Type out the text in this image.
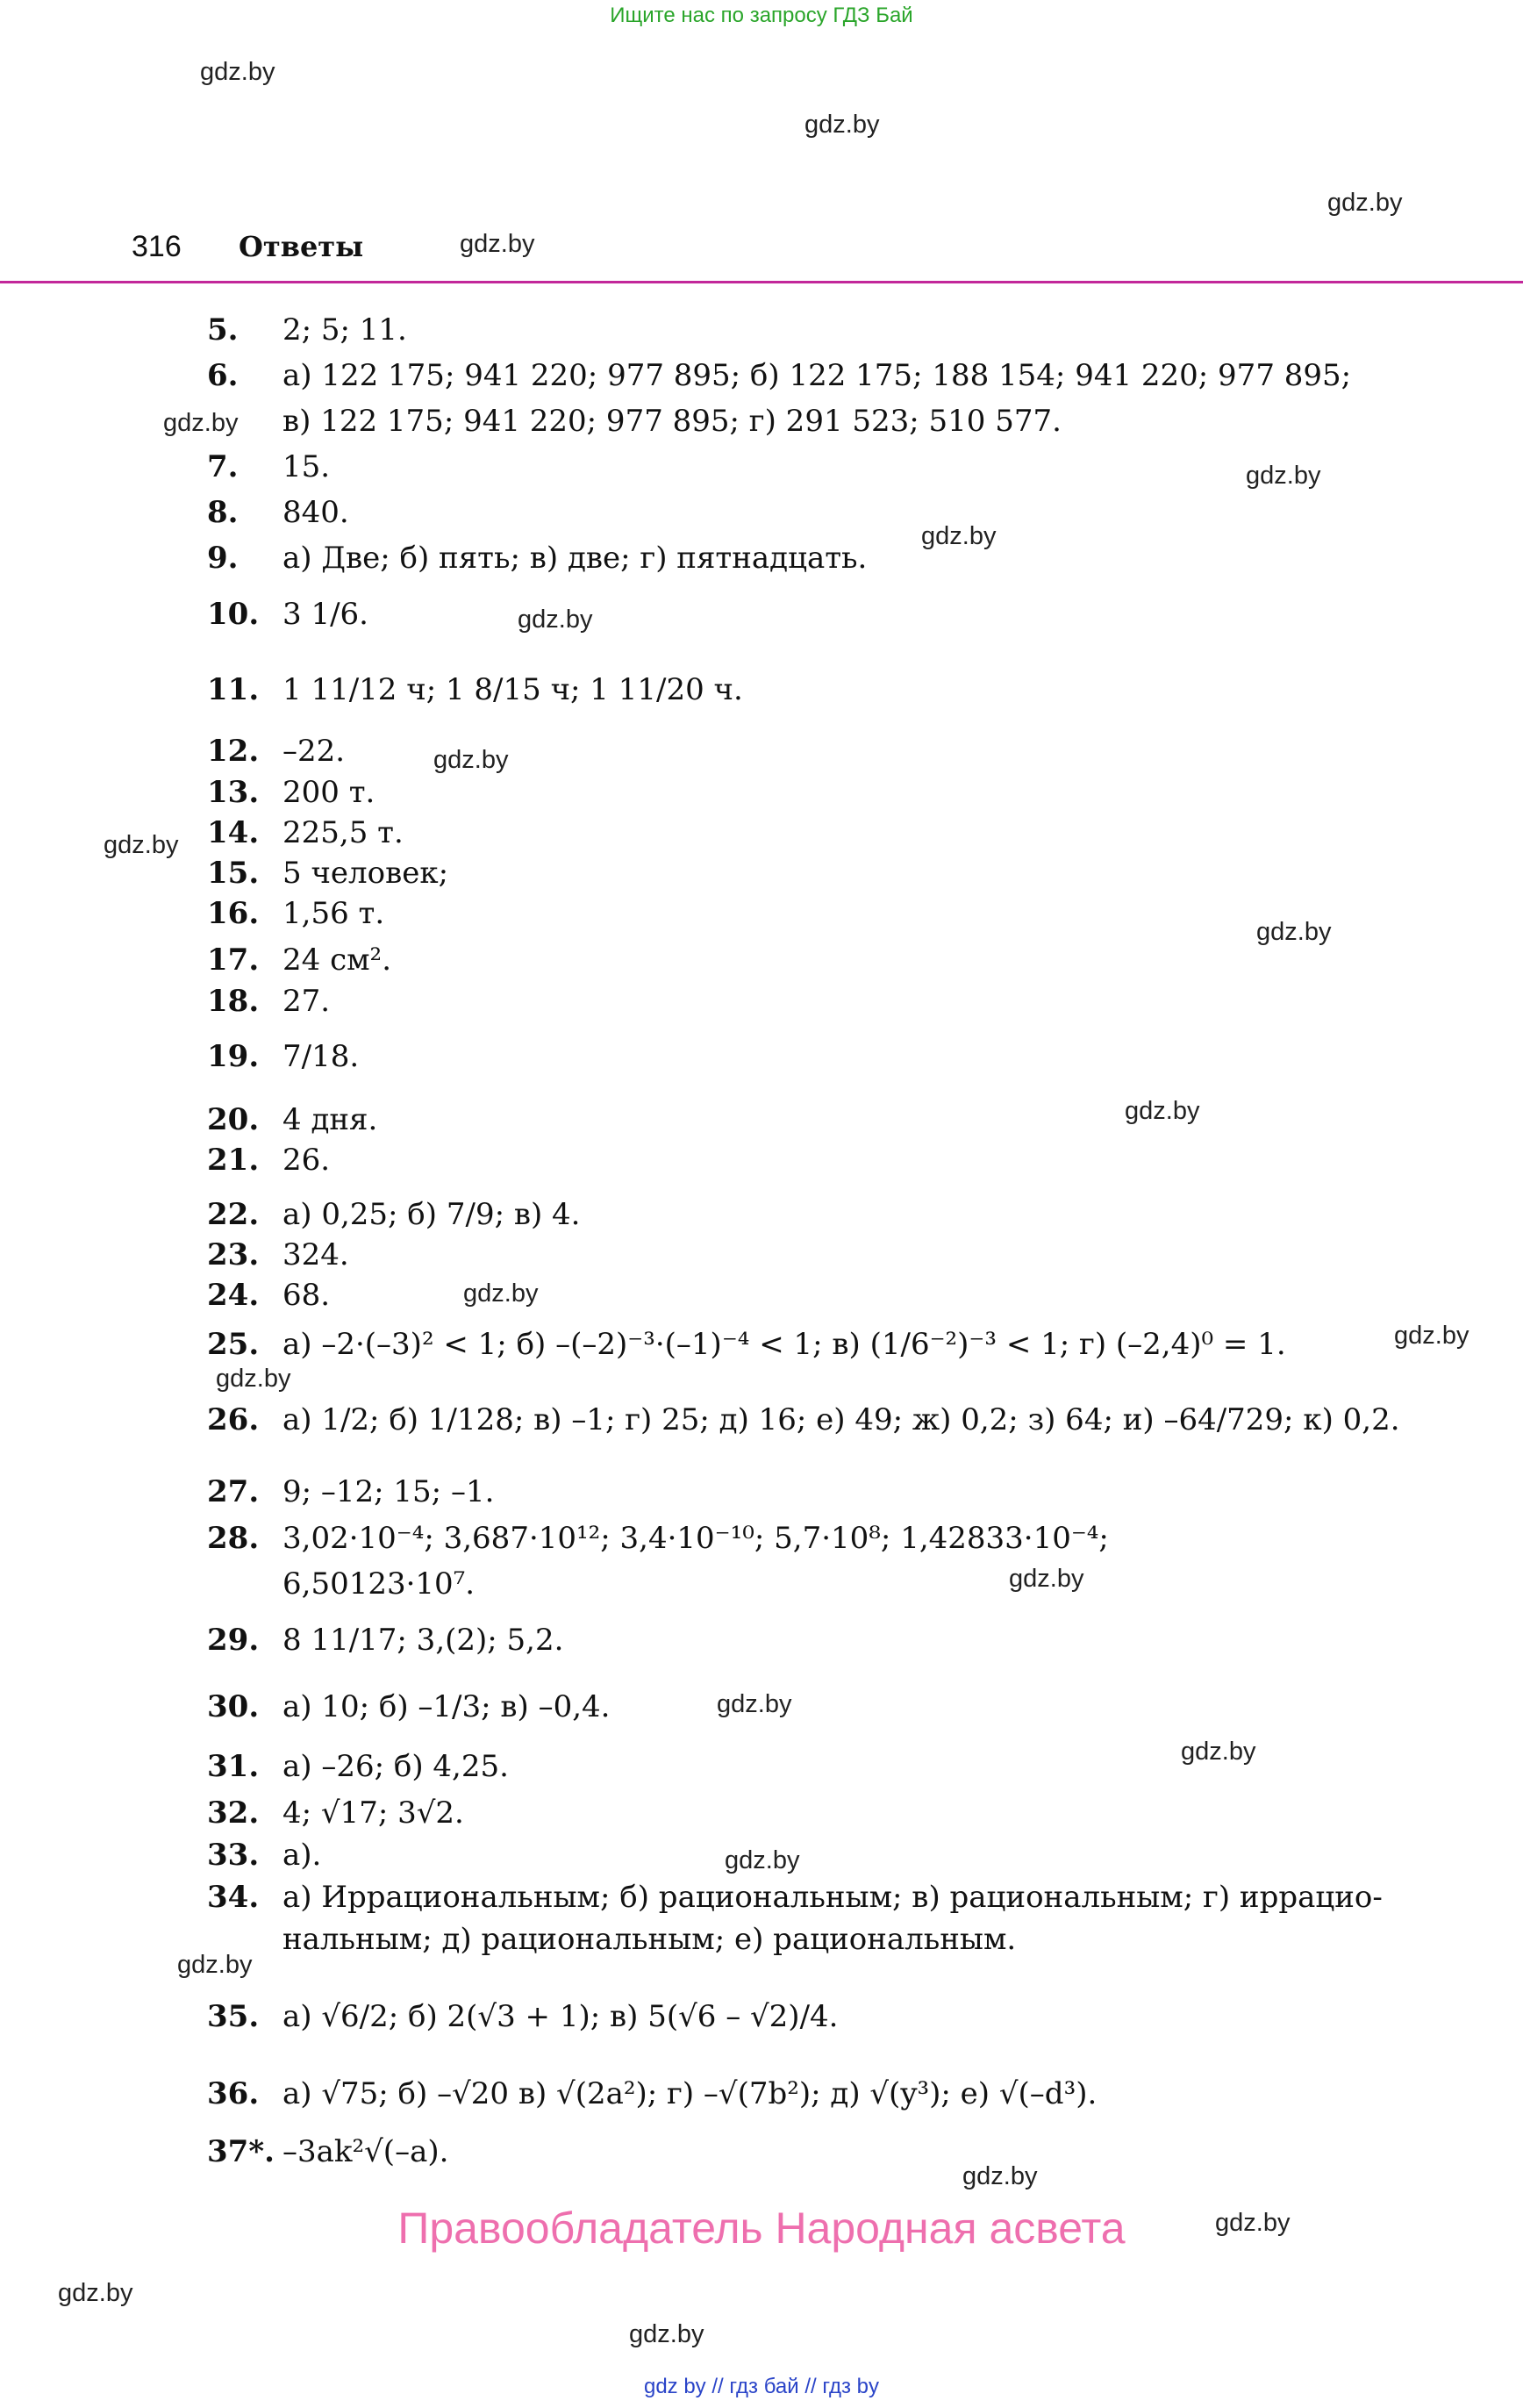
Ищите нас по запросу ГДЗ Бай
gdz.by
gdz.by
gdz.by
gdz.by
gdz.by
gdz.by
gdz.by
gdz.by
gdz.by
gdz.by
gdz.by
gdz.by
gdz.by
gdz.by
gdz.by
gdz.by
gdz.by
gdz.by
gdz.by
gdz.by
gdz.by
gdz.by
gdz.by
gdz.by
316 Ответы
5. 2; 5; 11.
6. а) 122 175; 941 220; 977 895; б) 122 175; 188 154; 941 220; 977 895;
в) 122 175; 941 220; 977 895; г) 291 523; 510 577.
7. 15.
8. 840.
9. а) Две; б) пять; в) две; г) пятнадцать.
10. 3 1/6.
11. 1 11/12 ч; 1 8/15 ч; 1 11/20 ч.
12. –22.
13. 200 т.
14. 225,5 т.
15. 5 человек;
16. 1,56 т.
17. 24 см².
18. 27.
19. 7/18.
20. 4 дня.
21. 26.
22. а) 0,25; б) 7/9; в) 4.
23. 324.
24. 68.
25. а) –2·(–3)² < 1; б) –(–2)⁻³·(–1)⁻⁴ < 1; в) (1/6⁻²)⁻³ < 1; г) (–2,4)⁰ = 1.
26. а) 1/2; б) 1/128; в) –1; г) 25; д) 16; е) 49; ж) 0,2; з) 64; и) –64/729; к) 0,2.
27. 9; –12; 15; –1.
28. 3,02·10⁻⁴; 3,687·10¹²; 3,4·10⁻¹⁰; 5,7·10⁸; 1,42833·10⁻⁴;
6,50123·10⁷.
29. 8 11/17; 3,(2); 5,2.
30. а) 10; б) –1/3; в) –0,4.
31. а) –26; б) 4,25.
32. 4; √17; 3√2.
33. а).
34. а) Иррациональным; б) рациональным; в) рациональным; г) иррацио-
нальным; д) рациональным; е) рациональным.
35. а) √6/2; б) 2(√3 + 1); в) 5(√6 – √2)/4.
36. а) √75; б) –√20 в) √(2a²); г) –√(7b²); д) √(y³); е) √(–d³).
37*. –3ak²√(–a).
Правообладатель Народная асвета
gdz by // гдз бай // гдз by
